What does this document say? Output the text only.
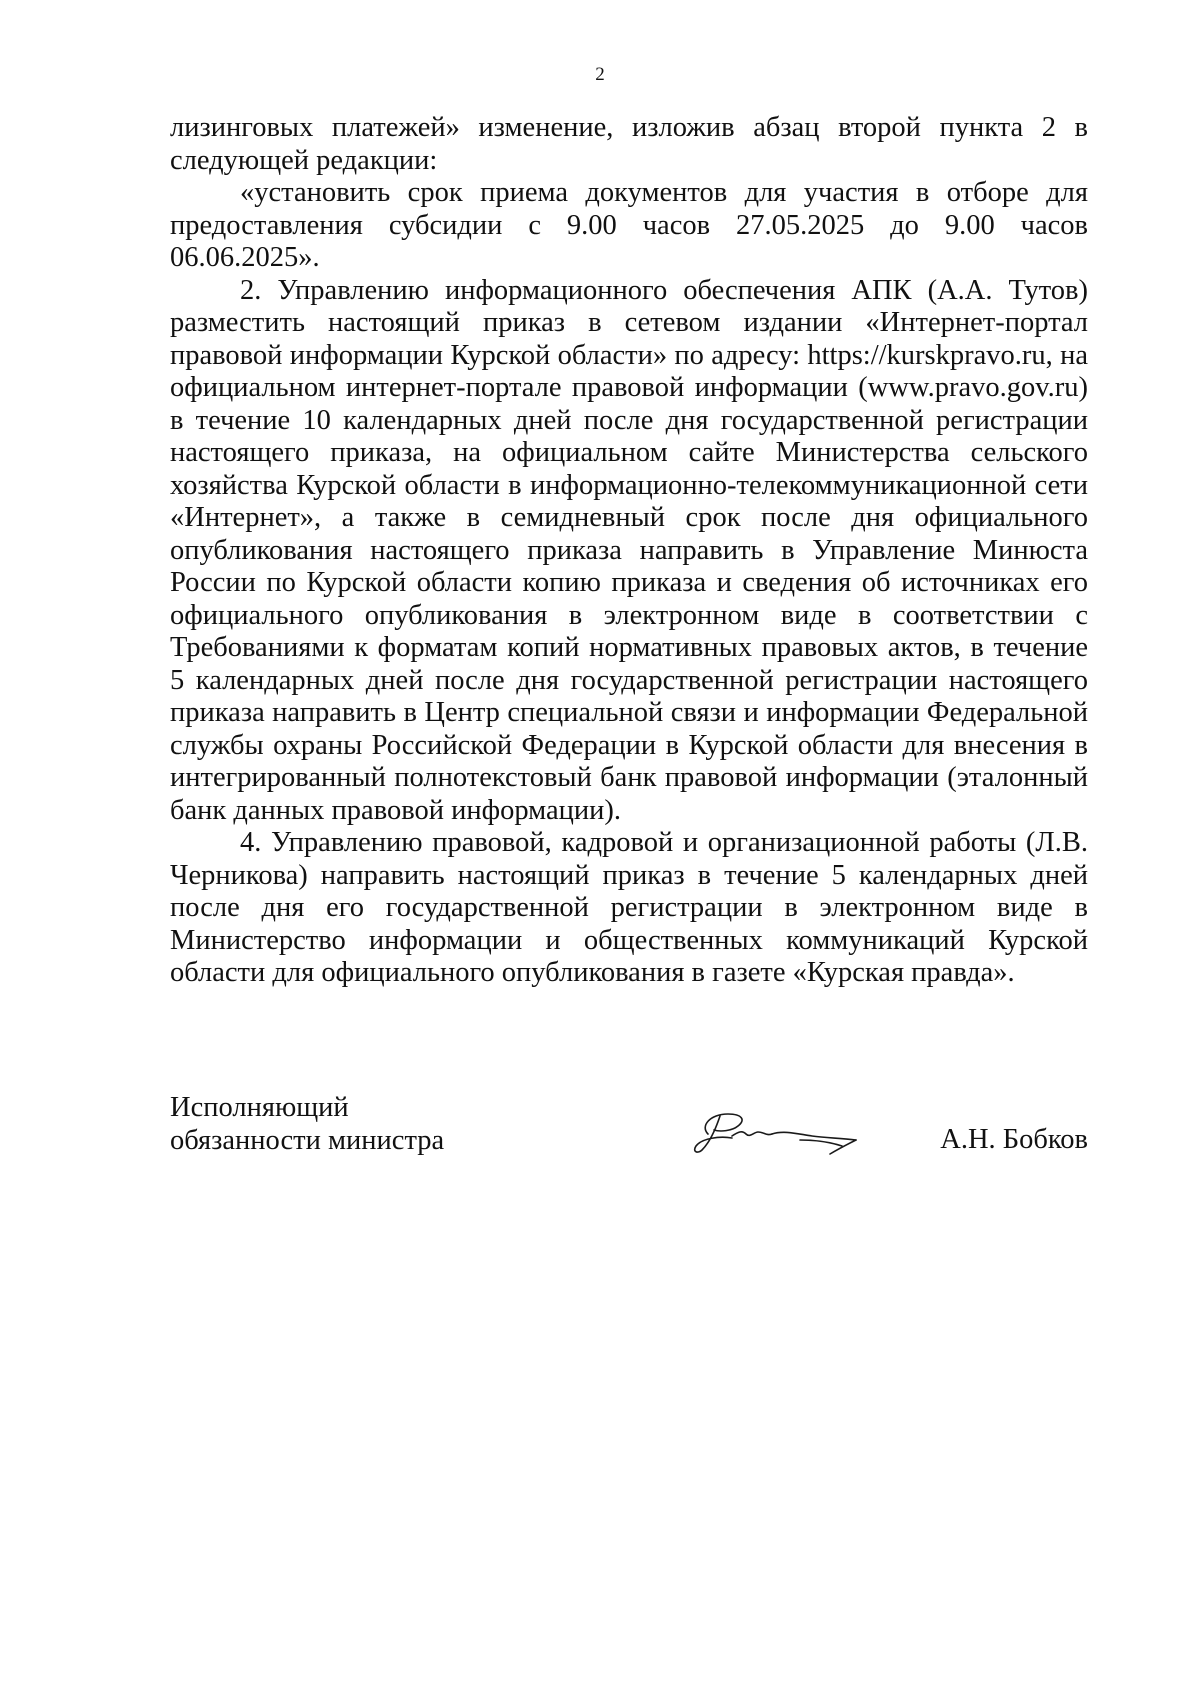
2

лизинговых платежей» изменение, изложив абзац второй пункта 2 в следующей редакции:

«установить срок приема документов для участия в отборе для предоставления субсидии с 9.00 часов 27.05.2025 до 9.00 часов 06.06.2025».

2. Управлению информационного обеспечения АПК (А.А. Тутов) разместить настоящий приказ в сетевом издании «Интернет-портал правовой информации Курской области» по адресу: https://kurskpravo.ru, на официальном интернет-портале правовой информации (www.pravo.gov.ru) в течение 10 календарных дней после дня государственной регистрации настоящего приказа, на официальном сайте Министерства сельского хозяйства Курской области в информационно-телекоммуникационной сети «Интернет», а также в семидневный срок после дня официального опубликования настоящего приказа направить в Управление Минюста России по Курской области копию приказа и сведения об источниках его официального опубликования в электронном виде в соответствии с Требованиями к форматам копий нормативных правовых актов, в течение 5 календарных дней после дня государственной регистрации настоящего приказа направить в Центр специальной связи и информации Федеральной службы охраны Российской Федерации в Курской области для внесения в интегрированный полнотекстовый банк правовой информации (эталонный банк данных правовой информации).

4. Управлению правовой, кадровой и организационной работы (Л.В. Черникова) направить настоящий приказ в течение 5 календарных дней после дня его государственной регистрации в электронном виде в Министерство информации и общественных коммуникаций Курской области для официального опубликования в газете «Курская правда».

Исполняющий
обязанности министра	А.Н. Бобков
